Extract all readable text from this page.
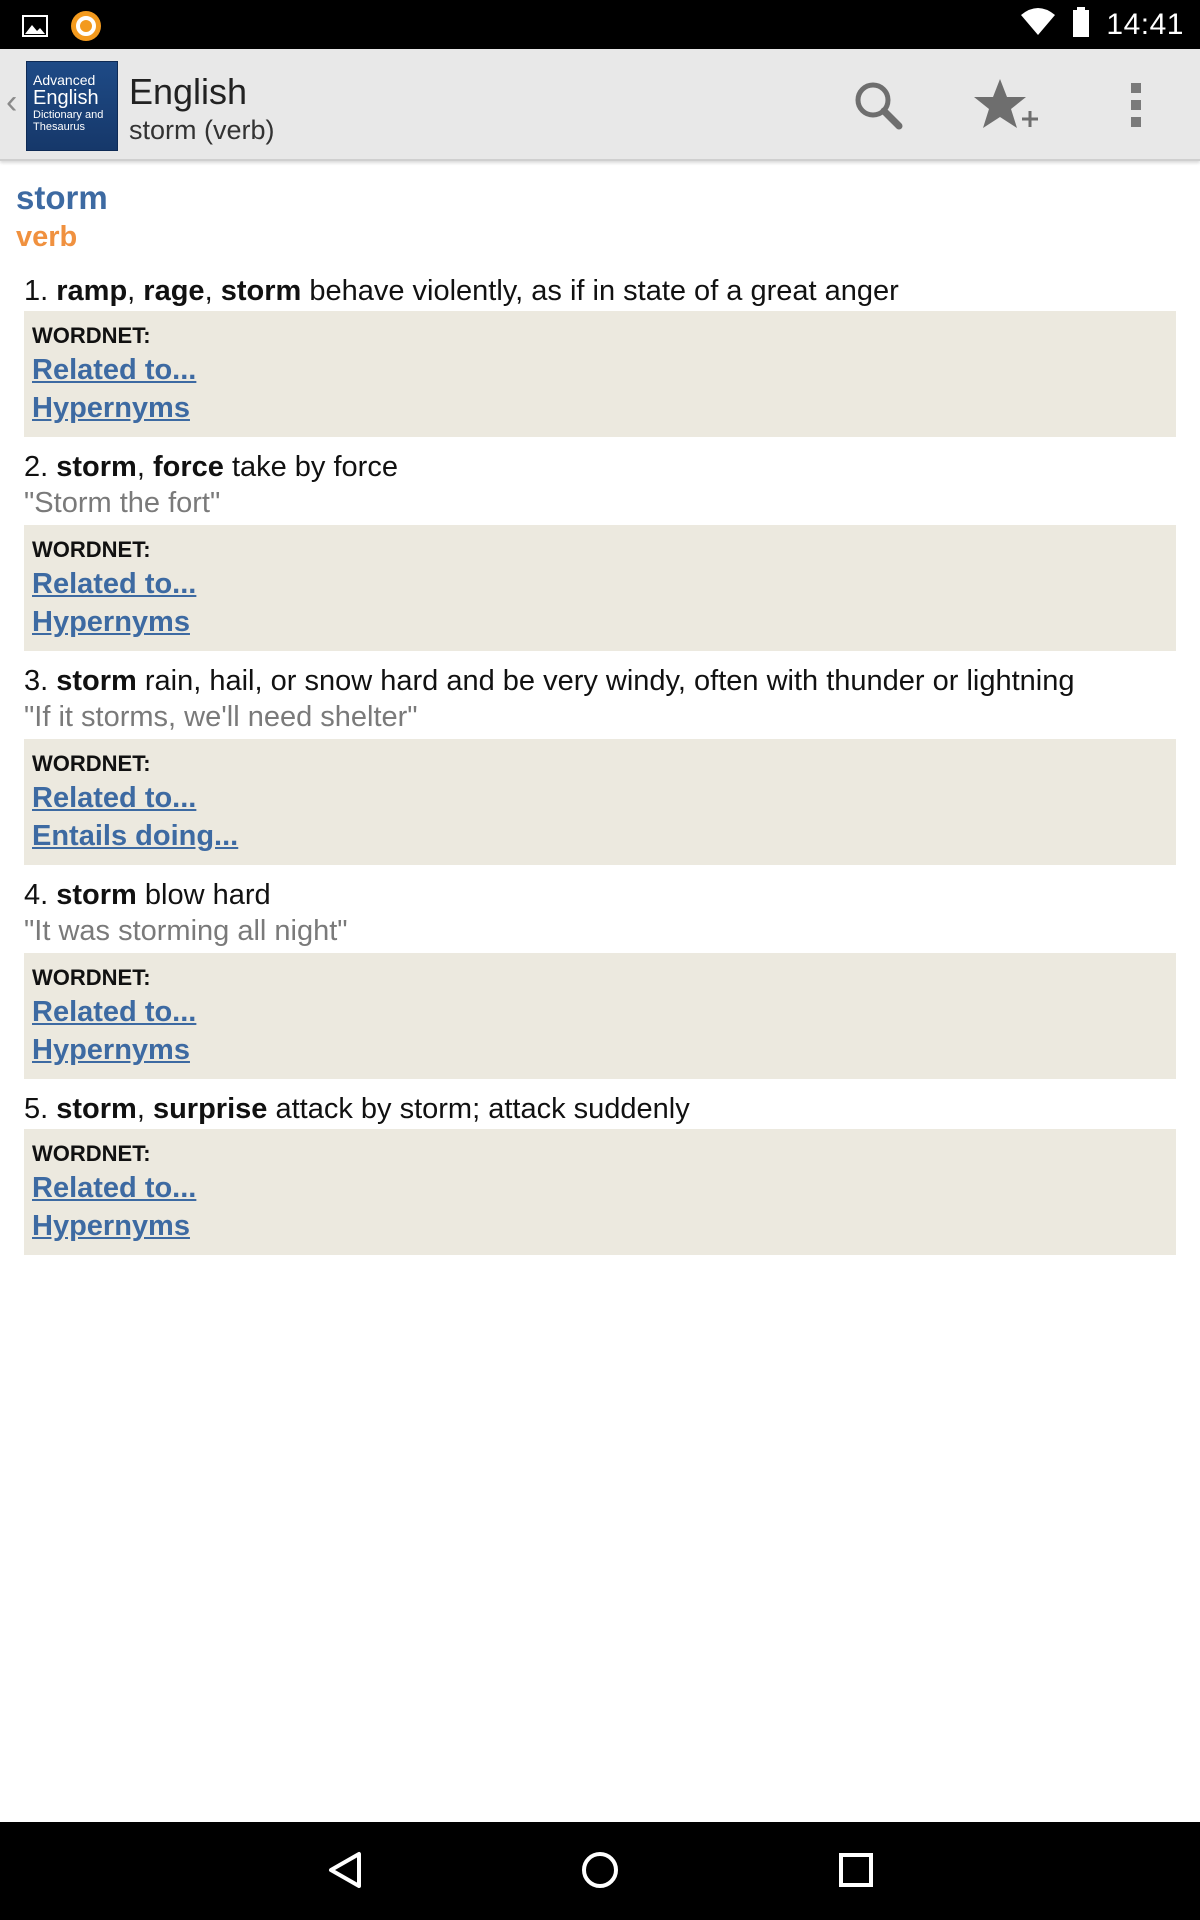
14:41
‹
Advanced
English
Dictionary and
Thesaurus
English
storm (verb)
storm
verb
1. ramp, rage, storm behave violently, as if in state of a great anger
WORDNET:
Related to...
Hypernyms
2. storm, force take by force
"Storm the fort"
WORDNET:
Related to...
Hypernyms
3. storm rain, hail, or snow hard and be very windy, often with thunder or lightning
"If it storms, we'll need shelter"
WORDNET:
Related to...
Entails doing...
4. storm blow hard
"It was storming all night"
WORDNET:
Related to...
Hypernyms
5. storm, surprise attack by storm; attack suddenly
WORDNET:
Related to...
Hypernyms
